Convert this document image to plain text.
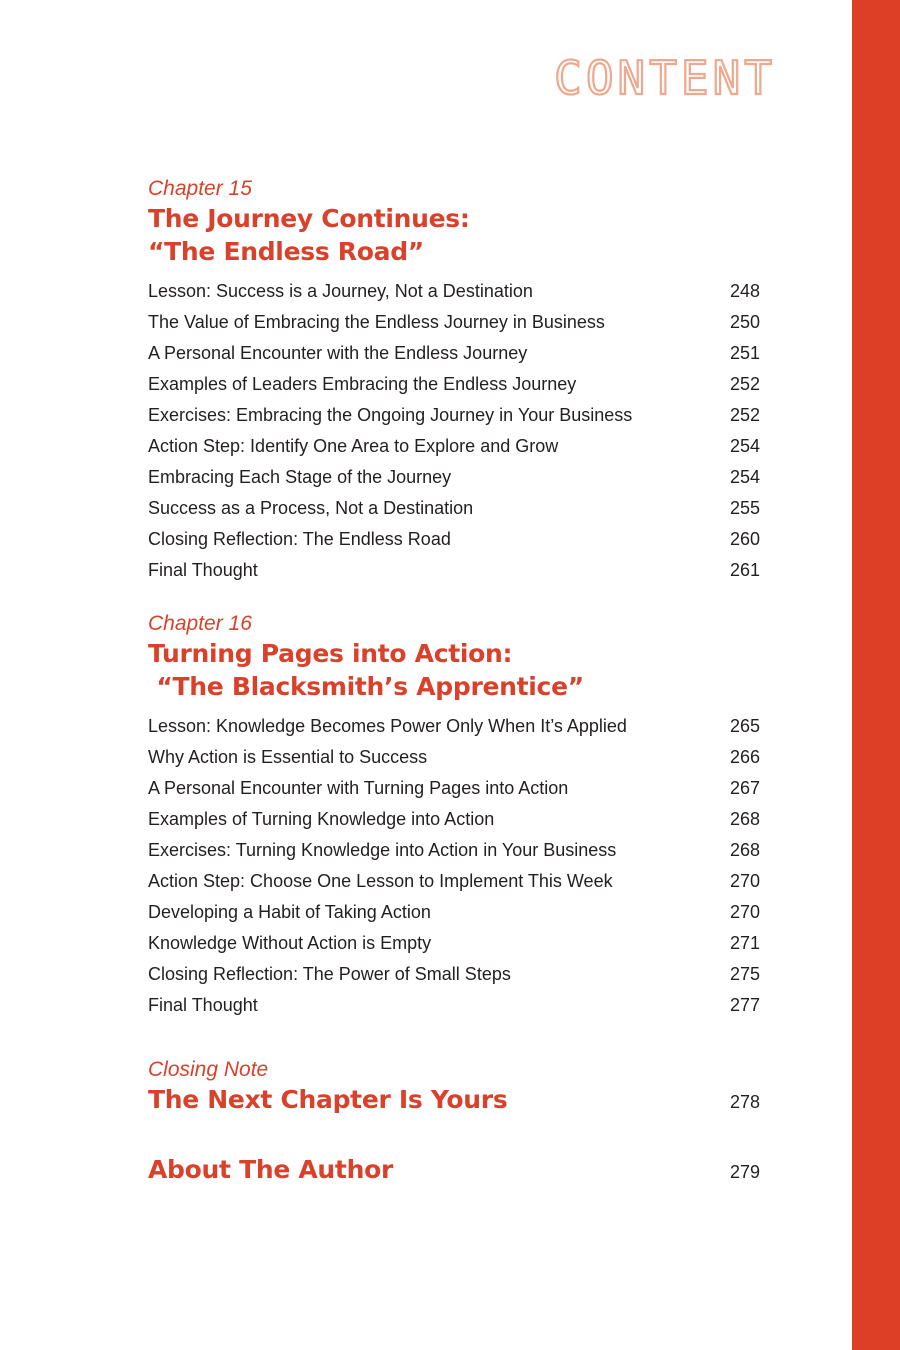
CONTENT

Chapter 15

The Journey Continues:

“The Endless Road”

Lesson: Success is a Journey, Not a Destination	248
The Value of Embracing the Endless Journey in Business	250
A Personal Encounter with the Endless Journey	251
Examples of Leaders Embracing the Endless Journey	252
Exercises: Embracing the Ongoing Journey in Your Business	252
Action Step: Identify One Area to Explore and Grow	254
Embracing Each Stage of the Journey	254
Success as a Process, Not a Destination	255
Closing Reflection: The Endless Road	260
Final Thought	261

Chapter 16

Turning Pages into Action:

“The Blacksmith’s Apprentice”

Lesson: Knowledge Becomes Power Only When It’s Applied	265
Why Action is Essential to Success	266
A Personal Encounter with Turning Pages into Action	267
Examples of Turning Knowledge into Action	268
Exercises: Turning Knowledge into Action in Your Business	268
Action Step: Choose One Lesson to Implement This Week	270
Developing a Habit of Taking Action	270
Knowledge Without Action is Empty	271
Closing Reflection: The Power of Small Steps	275
Final Thought	277

Closing Note

The Next Chapter Is Yours	278

About The Author	279
